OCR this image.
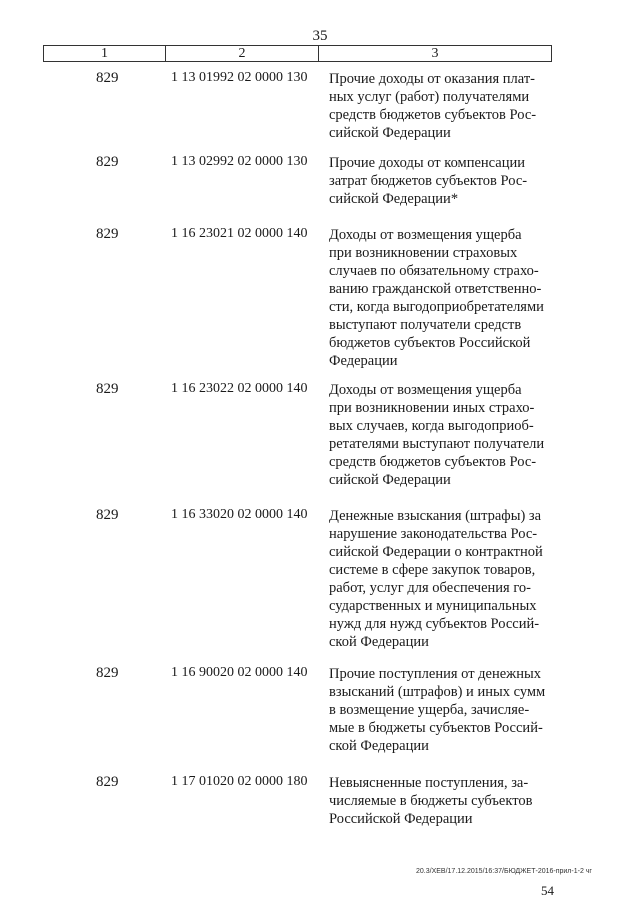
35
1	2	3
829	1 13 01992 02 0000 130 Прочие доходы от оказания плат-
ных услуг (работ) получателями
средств бюджетов субъектов Рос-
сийской Федерации
829	1 13 02992 02 0000 130 Прочие доходы от компенсации
затрат бюджетов субъектов Рос-
сийской Федерации*
829	1 16 23021 02 0000 140 Доходы от возмещения ущерба
при возникновении страховых
случаев по обязательному страхо-
ванию гражданской ответственно-
сти, когда выгодоприобретателями
выступают получатели средств
бюджетов субъектов Российской
Федерации
829	1 16 23022 02 0000 140 Доходы от возмещения ущерба
при возникновении иных страхо-
вых случаев, когда выгодоприоб-
ретателями выступают получатели
средств бюджетов субъектов Рос-
сийской Федерации
829	1 16 33020 02 0000 140 Денежные взыскания (штрафы) за
нарушение законодательства Рос-
сийской Федерации о контрактной
системе в сфере закупок товаров,
работ, услуг для обеспечения го-
сударственных и муниципальных
нужд для нужд субъектов Россий-
ской Федерации
829	1 16 90020 02 0000 140 Прочие поступления от денежных
взысканий (штрафов) и иных сумм
в возмещение ущерба, зачисляе-
мые в бюджеты субъектов Россий-
ской Федерации
829	1 17 01020 02 0000 180 Невыясненные поступления, за-
числяемые в бюджеты субъектов
Российской Федерации
20.3/XEB/17.12.2015/16:37/БЮДЖЕТ-2016-прил-1-2 чг
54
